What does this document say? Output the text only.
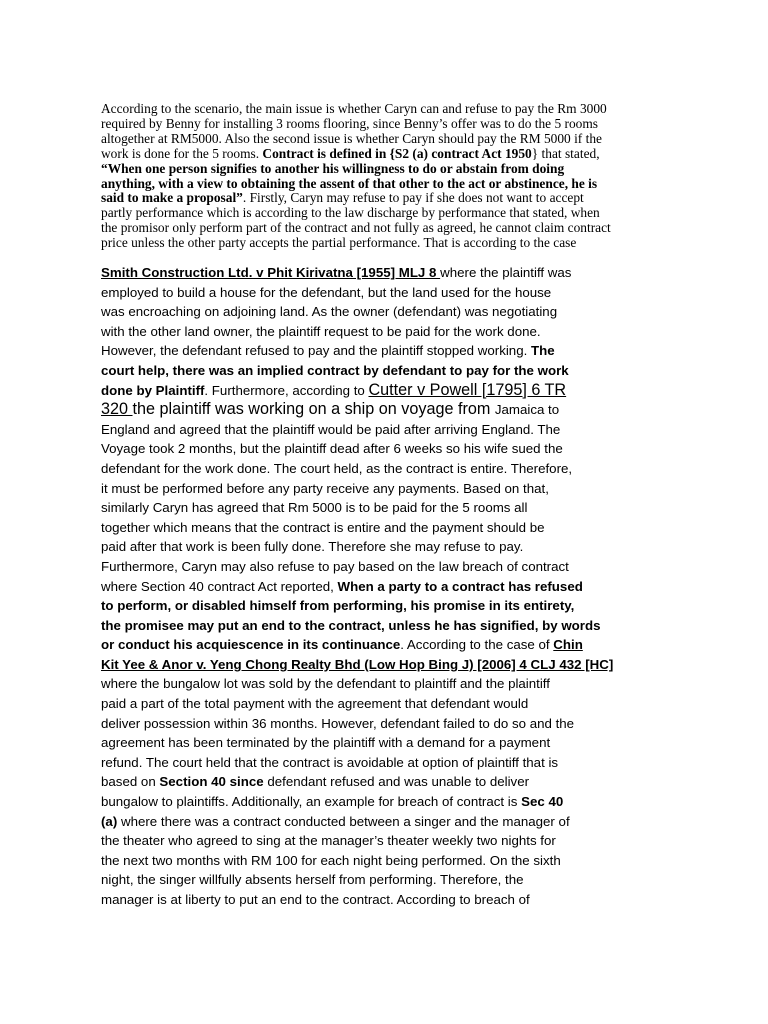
According to the scenario, the main issue is whether Caryn can and refuse to pay the Rm 3000
required by Benny for installing 3 rooms flooring, since Benny’s offer was to do the 5 rooms
altogether at RM5000. Also the second issue is whether Caryn should pay the RM 5000 if the
work is done for the 5 rooms. Contract is defined in {S2 (a) contract Act 1950} that stated,
“When one person signifies to another his willingness to do or abstain from doing
anything, with a view to obtaining the assent of that other to the act or abstinence, he is
said to make a proposal”. Firstly, Caryn may refuse to pay if she does not want to accept
partly performance which is according to the law discharge by performance that stated, when
the promisor only perform part of the contract and not fully as agreed, he cannot claim contract
price unless the other party accepts the partial performance. That is according to the case
Smith Construction Ltd. v Phit Kirivatna [1955] MLJ 8 where the plaintiff was
employed to build a house for the defendant, but the land used for the house
was encroaching on adjoining land. As the owner (defendant) was negotiating
with the other land owner, the plaintiff request to be paid for the work done.
However, the defendant refused to pay and the plaintiff stopped working. The
court help, there was an implied contract by defendant to pay for the work
done by Plaintiff. Furthermore, according to Cutter v Powell [1795] 6 TR
320 the plaintiff was working on a ship on voyage from Jamaica to
England and agreed that the plaintiff would be paid after arriving England. The
Voyage took 2 months, but the plaintiff dead after 6 weeks so his wife sued the
defendant for the work done. The court held, as the contract is entire. Therefore,
it must be performed before any party receive any payments. Based on that,
similarly Caryn has agreed that Rm 5000 is to be paid for the 5 rooms all
together which means that the contract is entire and the payment should be
paid after that work is been fully done. Therefore she may refuse to pay.
Furthermore, Caryn may also refuse to pay based on the law breach of contract
where Section 40 contract Act reported, When a party to a contract has refused
to perform, or disabled himself from performing, his promise in its entirety,
the promisee may put an end to the contract, unless he has signified, by words
or conduct his acquiescence in its continuance. According to the case of Chin
Kit Yee & Anor v. Yeng Chong Realty Bhd (Low Hop Bing J) [2006] 4 CLJ 432 [HC]
where the bungalow lot was sold by the defendant to plaintiff and the plaintiff
paid a part of the total payment with the agreement that defendant would
deliver possession within 36 months. However, defendant failed to do so and the
agreement has been terminated by the plaintiff with a demand for a payment
refund. The court held that the contract is avoidable at option of plaintiff that is
based on Section 40 since defendant refused and was unable to deliver
bungalow to plaintiffs. Additionally, an example for breach of contract is Sec 40
(a) where there was a contract conducted between a singer and the manager of
the theater who agreed to sing at the manager’s theater weekly two nights for
the next two months with RM 100 for each night being performed. On the sixth
night, the singer willfully absents herself from performing. Therefore, the
manager is at liberty to put an end to the contract. According to breach of
